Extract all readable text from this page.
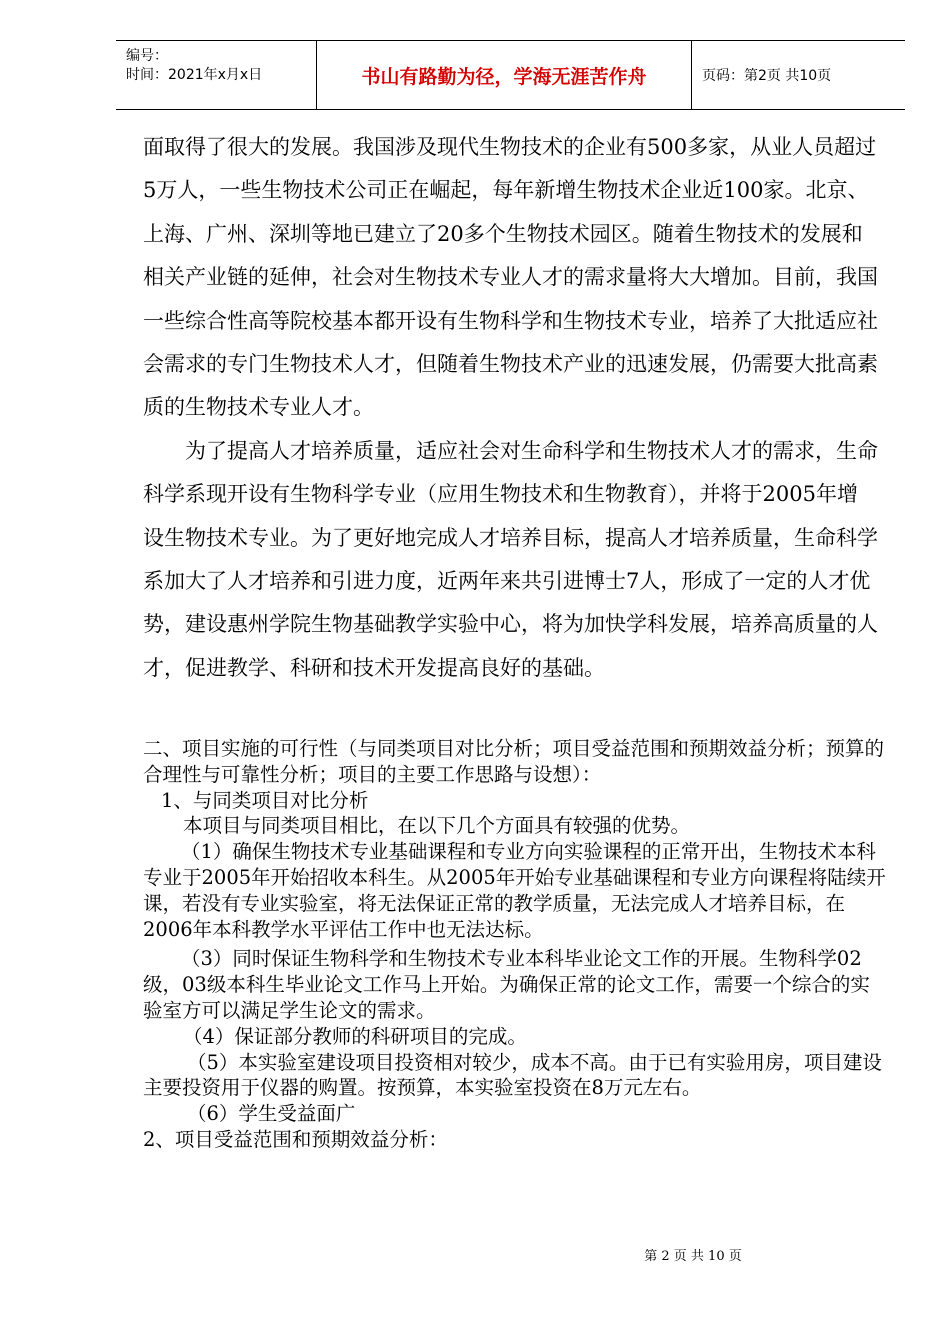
编号：
时间：2021年x月x日	书山有路勤为径，学海无涯苦作舟	页码：第2页 共10页

面取得了很大的发展。我国涉及现代生物技术的企业有500多家，从业人员超过5万人，一些生物技术公司正在崛起，每年新增生物技术企业近100家。北京、上海、广州、深圳等地已建立了20多个生物技术园区。随着生物技术的发展和相关产业链的延伸，社会对生物技术专业人才的需求量将大大增加。目前，我国一些综合性高等院校基本都开设有生物科学和生物技术专业，培养了大批适应社会需求的专门生物技术人才，但随着生物技术产业的迅速发展，仍需要大批高素质的生物技术专业人才。

为了提高人才培养质量，适应社会对生命科学和生物技术人才的需求，生命科学系现开设有生物科学专业（应用生物技术和生物教育），并将于2005年增设生物技术专业。为了更好地完成人才培养目标，提高人才培养质量，生命科学系加大了人才培养和引进力度，近两年来共引进博士7人，形成了一定的人才优势，建设惠州学院生物基础教学实验中心，将为加快学科发展，培养高质量的人才，促进教学、科研和技术开发提高良好的基础。

二、项目实施的可行性（与同类项目对比分析；项目受益范围和预期效益分析；预算的合理性与可靠性分析；项目的主要工作思路与设想）：

1、与同类项目对比分析

本项目与同类项目相比，在以下几个方面具有较强的优势。

（1）确保生物技术专业基础课程和专业方向实验课程的正常开出，生物技术本科专业于2005年开始招收本科生。从2005年开始专业基础课程和专业方向课程将陆续开课，若没有专业实验室，将无法保证正常的教学质量，无法完成人才培养目标，在2006年本科教学水平评估工作中也无法达标。

（3）同时保证生物科学和生物技术专业本科毕业论文工作的开展。生物科学02级，03级本科生毕业论文工作马上开始。为确保正常的论文工作，需要一个综合的实验室方可以满足学生论文的需求。

（4）保证部分教师的科研项目的完成。

（5）本实验室建设项目投资相对较少，成本不高。由于已有实验用房，项目建设主要投资用于仪器的购置。按预算，本实验室投资在8万元左右。

（6）学生受益面广

2、项目受益范围和预期效益分析：

第 2 页 共 10 页
